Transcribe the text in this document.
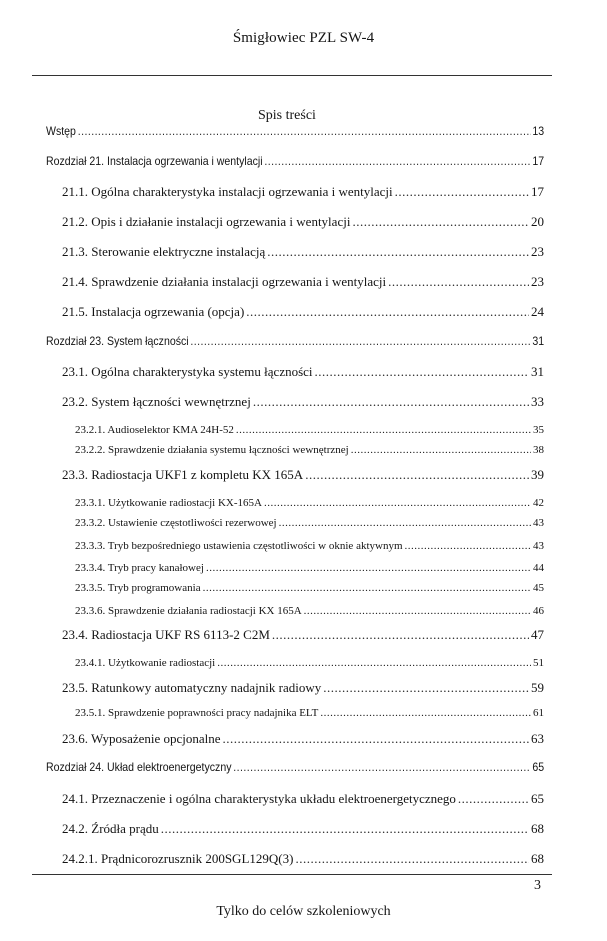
Śmigłowiec PZL SW-4
Spis treści
Wstęp .....	13
Rozdział 21. Instalacja ogrzewania i wentylacji .....	17
21.1. Ogólna charakterystyka instalacji ogrzewania i wentylacji .....	17
21.2. Opis i działanie instalacji ogrzewania i wentylacji .....	20
21.3. Sterowanie elektryczne instalacją .....	23
21.4. Sprawdzenie działania instalacji ogrzewania i wentylacji .....	23
21.5. Instalacja ogrzewania (opcja) .....	24
Rozdział 23. System łączności .....	31
23.1. Ogólna charakterystyka systemu łączności .....	31
23.2. System łączności wewnętrznej .....	33
23.2.1. Audioselektor KMA 24H-52 .....	35
23.2.2. Sprawdzenie działania systemu łączności wewnętrznej .....	38
23.3. Radiostacja UKF1 z kompletu KX 165A .....	39
23.3.1. Użytkowanie radiostacji KX-165A .....	42
23.3.2. Ustawienie częstotliwości rezerwowej .....	43
23.3.3. Tryb bezpośredniego ustawienia częstotliwości w oknie aktywnym .....	43
23.3.4. Tryb pracy kanałowej .....	44
23.3.5. Tryb programowania .....	45
23.3.6. Sprawdzenie działania radiostacji KX 165A .....	46
23.4. Radiostacja UKF RS 6113-2 C2M .....	47
23.4.1. Użytkowanie radiostacji .....	51
23.5. Ratunkowy automatyczny nadajnik radiowy .....	59
23.5.1. Sprawdzenie poprawności pracy nadajnika ELT .....	61
23.6. Wyposażenie opcjonalne .....	63
Rozdział 24. Układ elektroenergetyczny .....	65
24.1. Przeznaczenie i ogólna charakterystyka układu elektroenergetycznego .....	65
24.2. Źródła prądu .....	68
24.2.1. Prądnicorozrusznik 200SGL129Q(3) .....	68
3
Tylko do celów szkoleniowych
